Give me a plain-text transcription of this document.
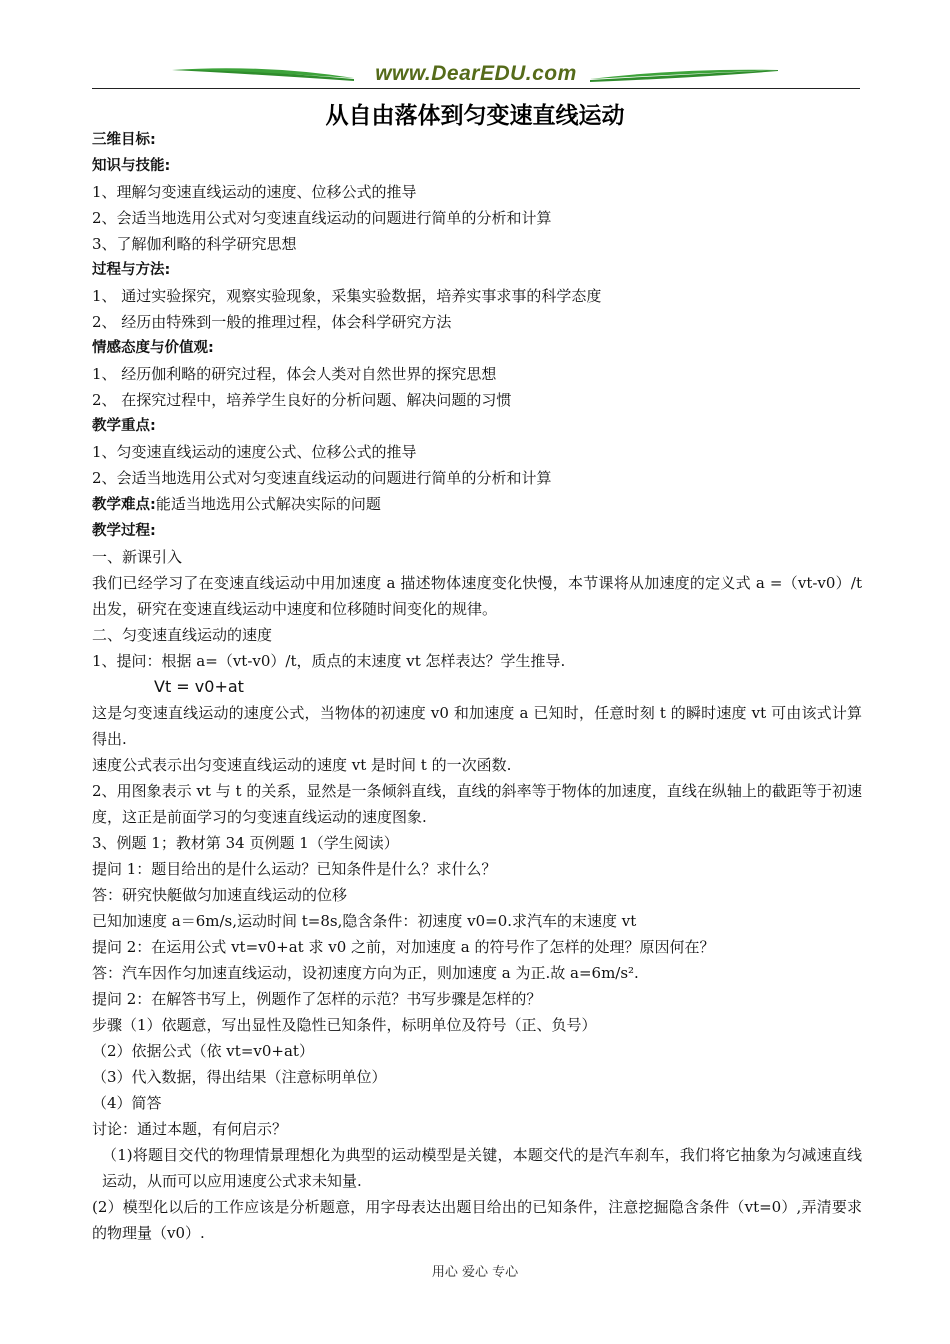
www.DearEDU.com
从自由落体到匀变速直线运动
三维目标:
知识与技能:
1、理解匀变速直线运动的速度、位移公式的推导
2、会适当地选用公式对匀变速直线运动的问题进行简单的分析和计算
3、了解伽利略的科学研究思想
过程与方法:
1、 通过实验探究，观察实验现象，采集实验数据，培养实事求事的科学态度
2、 经历由特殊到一般的推理过程，体会科学研究方法
情感态度与价值观:
1、 经历伽利略的研究过程，体会人类对自然世界的探究思想
2、 在探究过程中，培养学生良好的分析问题、解决问题的习惯
教学重点:
1、匀变速直线运动的速度公式、位移公式的推导
2、会适当地选用公式对匀变速直线运动的问题进行简单的分析和计算
教学难点:能适当地选用公式解决实际的问题
教学过程:
一、新课引入
我们已经学习了在变速直线运动中用加速度 a 描述物体速度变化快慢，本节课将从加速度的定义式 a =（vt-v0）/t 出发，研究在变速直线运动中速度和位移随时间变化的规律。
二、匀变速直线运动的速度
1、提问：根据 a=（vt-v0）/t，质点的末速度 vt 怎样表达？学生推导.
Vt = v0+at
这是匀变速直线运动的速度公式，当物体的初速度 v0 和加速度 a 已知时，任意时刻 t 的瞬时速度 vt 可由该式计算得出.
速度公式表示出匀变速直线运动的速度 vt 是时间 t 的一次函数.
2、用图象表示 vt 与 t 的关系，显然是一条倾斜直线，直线的斜率等于物体的加速度，直线在纵轴上的截距等于初速度，这正是前面学习的匀变速直线运动的速度图象.
3、例题 1；教材第 34 页例题 1（学生阅读）
提问 1：题目给出的是什么运动？已知条件是什么？求什么？
答：研究快艇做匀加速直线运动的位移
已知加速度 a＝6m/s,运动时间 t=8s,隐含条件：初速度 v0=0.求汽车的末速度 vt
提问 2：在运用公式 vt=v0+at 求 v0 之前，对加速度 a 的符号作了怎样的处理？原因何在？
答：汽车因作匀加速直线运动，设初速度方向为正，则加速度 a 为正.故 a=6m/s².
提问 2：在解答书写上，例题作了怎样的示范？书写步骤是怎样的？
步骤（1）依题意，写出显性及隐性已知条件，标明单位及符号（正、负号）
（2）依据公式（依 vt=v0+at）
（3）代入数据，得出结果（注意标明单位）
（4）简答
讨论：通过本题，有何启示？
（1)将题目交代的物理情景理想化为典型的运动模型是关键，本题交代的是汽车刹车，我们将它抽象为匀减速直线运动，从而可以应用速度公式求未知量.
(2）模型化以后的工作应该是分析题意，用字母表达出题目给出的已知条件，注意挖掘隐含条件（vt=0）,弄清要求的物理量（v0）.
用心 爱心 专心
